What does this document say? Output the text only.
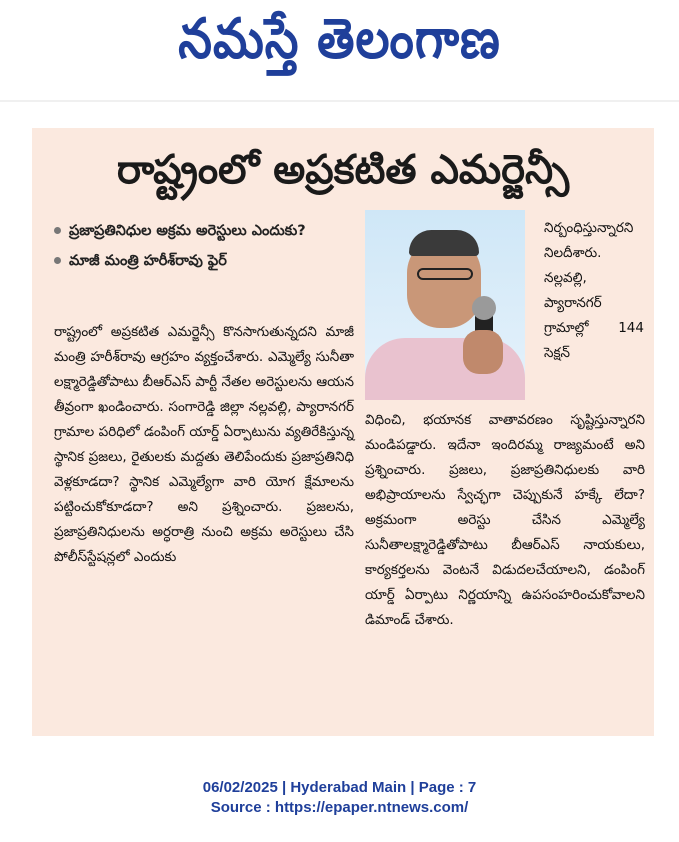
నమస్తే తెలంగాణ
రాష్ట్రంలో అప్రకటిత ఎమర్జెన్సీ
ప్రజాప్రతినిధుల అక్రమ అరెస్టులు ఎందుకు?
మాజీ మంత్రి హరీశ్‌రావు ఫైర్

రాష్ట్రంలో అప్రకటిత ఎమర్జెన్సీ కొనసాగుతున్నదని మాజీ మంత్రి హరీశ్‌రావు ఆగ్రహం వ్యక్తంచేశారు. ఎమ్మెల్యే సునీతా లక్ష్మారెడ్డితోపాటు బీఆర్‌ఎస్ పార్టీ నేతల అరెస్టులను ఆయన తీవ్రంగా ఖండించారు. సంగారెడ్డి జిల్లా నల్లవల్లి, ప్యారానగర్ గ్రామాల పరిధిలో డంపింగ్ యార్డ్ ఏర్పాటును వ్యతిరేకిస్తున్న స్థానిక ప్రజలు, రైతులకు మద్దతు తెలిపేందుకు ప్రజాప్రతినిధి వెళ్లకూడదా? స్థానిక ఎమ్మెల్యేగా వారి యోగ క్షేమాలను పట్టించుకోకూడదా? అని ప్రశ్నించారు. ప్రజలను, ప్రజాప్రతినిధులను అర్ధరాత్రి నుంచి అక్రమ అరెస్టులు చేసి పోలీస్‌స్టేషన్లలో ఎందుకు

నిర్బంధిస్తున్నారని నిలదీశారు. నల్లవల్లి, ప్యారానగర్ గ్రామాల్లో 144 సెక్షన్

విధించి, భయానక వాతావరణం సృష్టిస్తున్నారని మండిపడ్డారు. ఇదేనా ఇందిరమ్మ రాజ్యమంటే అని ప్రశ్నించారు. ప్రజలు, ప్రజాప్రతినిధులకు వారి అభిప్రాయాలను స్వేచ్ఛగా చెప్పుకునే హక్కే లేదా? అక్రమంగా అరెస్టు చేసిన ఎమ్మెల్యే సునీతాలక్ష్మారెడ్డితోపాటు బీఆర్‌ఎస్ నాయకులు, కార్యకర్తలను వెంటనే విడుదలచేయాలని, డంపింగ్ యార్డ్ ఏర్పాటు నిర్ణయాన్ని ఉపసంహరించుకోవాలని డిమాండ్ చేశారు.

06/02/2025 | Hyderabad Main | Page : 7
Source : https://epaper.ntnews.com/
